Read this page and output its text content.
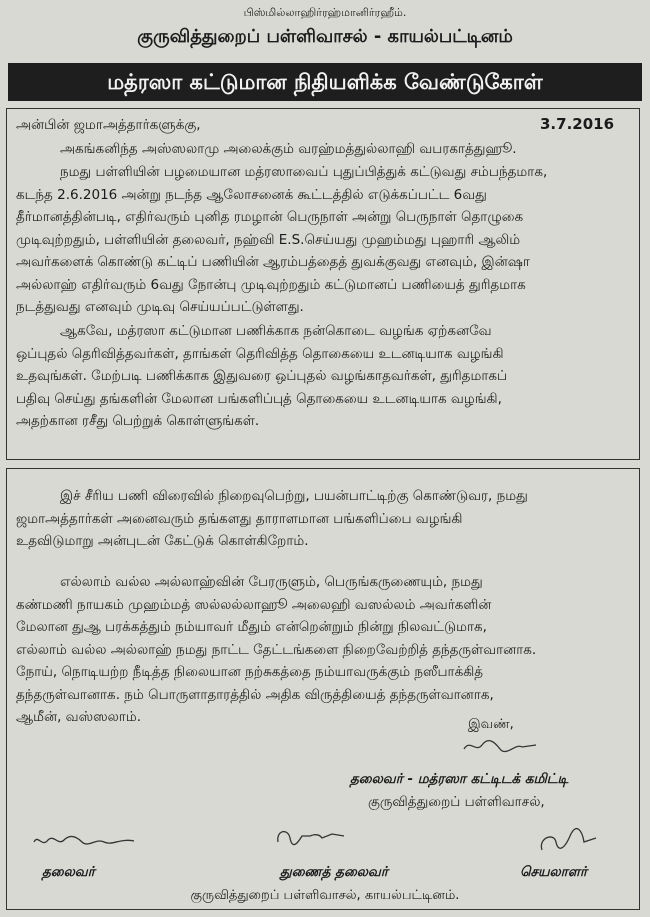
பிஸ்மில்லாஹிர்ரஹ்மானிர்ரஹீம்.
குருவித்துறைப் பள்ளிவாசல் - காயல்பட்டினம்
மத்ரஸா கட்டுமான நிதியளிக்க வேண்டுகோள்
3.7.2016
அன்பின் ஜமாஅத்தார்களுக்கு,
அகங்கனிந்த அஸ்ஸலாமு அலைக்கும் வரஹ்மத்துல்லாஹி வபரகாத்துஹூ.
நமது பள்ளியின் பழமையான மத்ரஸாவைப் புதுப்பித்துக் கட்டுவது சம்பந்தமாக,
கடந்த 2.6.2016 அன்று நடந்த ஆலோசனைக் கூட்டத்தில் எடுக்கப்பட்ட 6வது
தீர்மானத்தின்படி, எதிர்வரும் புனித ரமழான் பெருநாள் அன்று பெருநாள் தொழுகை
முடிவுற்றதும், பள்ளியின் தலைவர், நஹ்வி E.S.செய்யது முஹம்மது புஹாரி ஆலிம்
அவர்களைக் கொண்டு கட்டிப் பணியின் ஆரம்பத்தைத் துவக்குவது எனவும், இன்ஷா
அல்லாஹ் எதிர்வரும் 6வது நோன்பு முடிவுற்றதும் கட்டுமானப் பணியைத் துரிதமாக
நடத்துவது எனவும் முடிவு செய்யப்பட்டுள்ளது.
ஆகவே, மத்ரஸா கட்டுமான பணிக்காக நன்கொடை வழங்க ஏற்கனவே
ஒப்புதல் தெரிவித்தவர்கள், தாங்கள் தெரிவித்த தொகையை உடனடியாக வழங்கி
உதவுங்கள். மேற்படி பணிக்காக இதுவரை ஒப்புதல் வழங்காதவர்கள், துரிதமாகப்
பதிவு செய்து தங்களின் மேலான பங்களிப்புத் தொகையை உடனடியாக வழங்கி,
அதற்கான ரசீது பெற்றுக் கொள்ளுங்கள்.
இச் சீரிய பணி விரைவில் நிறைவுபெற்று, பயன்பாட்டிற்கு கொண்டுவர, நமது
ஜமாஅத்தார்கள் அனைவரும் தங்களது தாராளமான பங்களிப்பை வழங்கி
உதவிடுமாறு அன்புடன் கேட்டுக் கொள்கிறோம்.
எல்லாம் வல்ல அல்லாஹ்வின் பேரருளும், பெருங்கருணையும், நமது
கண்மணி நாயகம் முஹம்மத் ஸல்லல்லாஹூ அலைஹி வஸல்லம் அவர்களின்
மேலான துஆ பரக்கத்தும் நம்யாவர் மீதும் என்றென்றும் நின்று நிலவட்டுமாக,
எல்லாம் வல்ல அல்லாஹ் நமது நாட்ட தேட்டங்களை நிறைவேற்றித் தந்தருள்வானாக.
நோய், நொடியற்ற நீடித்த நிலையான நற்சுகத்தை நம்யாவருக்கும் நஸீபாக்கித்
தந்தருள்வானாக. நம் பொருளாதாரத்தில் அதிக விருத்தியைத் தந்தருள்வானாக,
ஆமீன், வஸ்ஸலாம்.	இவண்,
தலைவர் - மத்ரஸா கட்டிடக் கமிட்டி
குருவித்துறைப் பள்ளிவாசல்,
தலைவர்	துணைத் தலைவர்	செயலாளர்
குருவித்துறைப் பள்ளிவாசல், காயல்பட்டினம்.
